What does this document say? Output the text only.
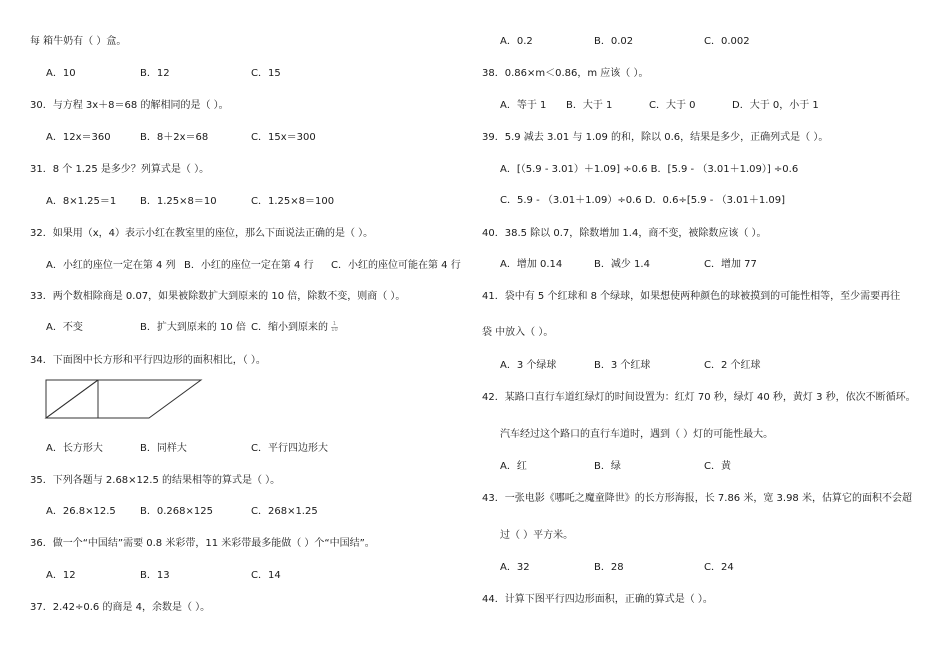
每 箱牛奶有（ ）盒。
A．10	B．12	C．15
30．与方程 3x＋8＝68 的解相同的是（ ）。
A．12x＝360	B．8＋2x＝68	C．15x＝300
31．8 个 1.25 是多少？列算式是（ ）。
A．8×1.25＝1 B．1.25×8＝10	C．1.25×8＝100
32．如果用（x，4）表示小红在教室里的座位，那么下面说法正确的是（ ）。
A．小红的座位一定在第 4 列 B．小红的座位一定在第 4 行 C．小红的座位可能在第 4 行
33．两个数相除商是 0.07，如果被除数扩大到原来的 10 倍，除数不变，则商（ ）。
A．不变	B．扩大到原来的 10 倍 C．缩小到原来的 $\frac{1}{10}$
34．下面图中长方形和平行四边形的面积相比，（ ）。
A．长方形大	B．同样大	C．平行四边形大
35．下列各题与 2.68×12.5 的结果相等的算式是（ ）。
A．26.8×12.5 B．0.268×125	C．268×1.25
36．做一个“中国结”需要 0.8 米彩带，11 米彩带最多能做（ ）个“中国结”。
A．12	B．13	C．14
37．2.42÷0.6 的商是 4，余数是（ ）。
A．0.2	B．0.02	C．0.002
38．0.86×m＜0.86，m 应该（ ）。
A．等于 1 B．大于 1	C．大于 0	D．大于 0，小于 1
39．5.9 减去 3.01 与 1.09 的和，除以 0.6，结果是多少，正确列式是（ ）。
A．[（5.9 - 3.01）＋1.09] ÷0.6 B．[5.9 - （3.01＋1.09）] ÷0.6
C．5.9 - （3.01＋1.09）÷0.6 D．0.6÷[5.9 - （3.01＋1.09]
40．38.5 除以 0.7，除数增加 1.4，商不变，被除数应该（ ）。
A．增加 0.14	B．减少 1.4	C．增加 77
41．袋中有 5 个红球和 8 个绿球，如果想使两种颜色的球被摸到的可能性相等，至少需要再往
袋 中放入（ ）。
A．3 个绿球	B．3 个红球	C．2 个红球
42．某路口直行车道红绿灯的时间设置为：红灯 70 秒，绿灯 40 秒，黄灯 3 秒，依次不断循环。
汽车经过这个路口的直行车道时，遇到（ ）灯的可能性最大。
A．红	B．绿	C．黄
43．一张电影《哪吒之魔童降世》的长方形海报，长 7.86 米，宽 3.98 米，估算它的面积不会超
过（ ）平方米。
A．32	B．28	C．24
44．计算下图平行四边形面积，正确的算式是（ ）。
